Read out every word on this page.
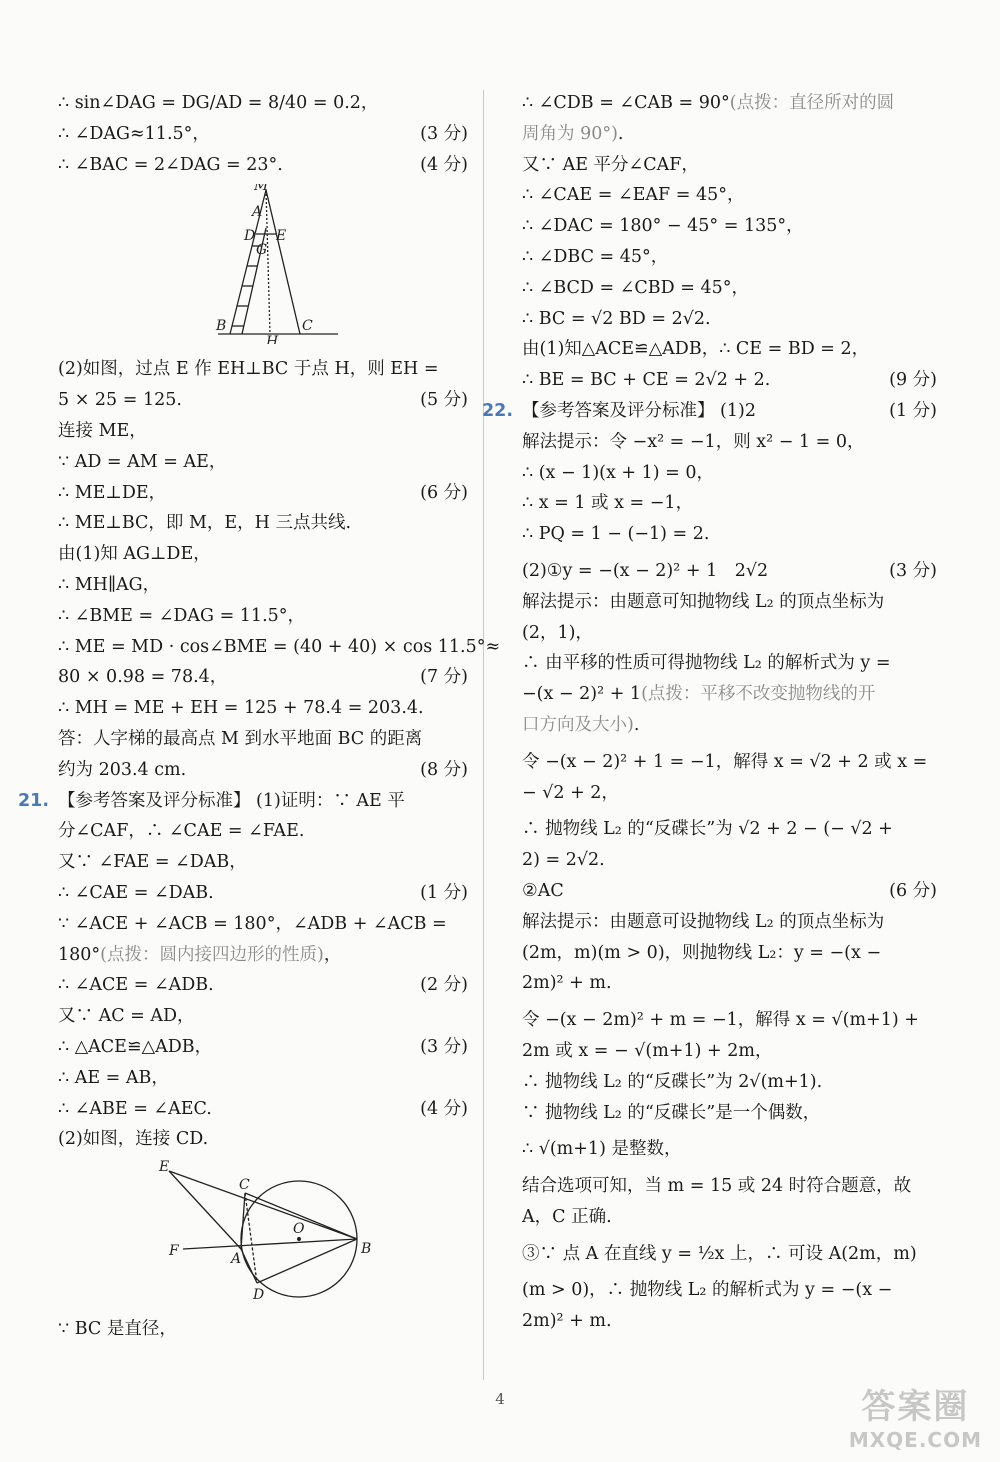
∴ sin∠DAG = DG/AD = 8/40 = 0.2，
∴ ∠DAG≈11.5°，	(3 分)
∴ ∠BAC = 2∠DAG = 23°.	(4 分)
M
A
D E
G
B	C
H
(2)如图，过点 E 作 EH⊥BC 于点 H，则 EH =
5 × 25 = 125.	(5 分)
连接 ME，
∵ AD = AM = AE，
∴ ME⊥DE，	(6 分)
∴ ME⊥BC，即 M，E，H 三点共线.
由(1)知 AG⊥DE，
∴ MH∥AG，
∴ ∠BME = ∠DAG = 11.5°，
∴ ME = MD · cos∠BME = (40 + 40) × cos 11.5°≈
80 × 0.98 = 78.4，	(7 分)
∴ MH = ME + EH = 125 + 78.4 = 203.4.
答：人字梯的最高点 M 到水平地面 BC 的距离
约为 203.4 cm.	(8 分)
21. 【参考答案及评分标准】 (1)证明：∵ AE 平
分∠CAF，∴ ∠CAE = ∠FAE.
又∵ ∠FAE = ∠DAB，
∴ ∠CAE = ∠DAB.	(1 分)
∵ ∠ACE + ∠ACB = 180°，∠ADB + ∠ACB =
180°(点拨：圆内接四边形的性质)，
∴ ∠ACE = ∠ADB.	(2 分)
又∵ AC = AD，
∴ △ACE≌△ADB，	(3 分)
∴ AE = AB，
∴ ∠ABE = ∠AEC.	(4 分)
(2)如图，连接 CD.
E
C
O
F	A
B
D
∵ BC 是直径，
∴ ∠CDB = ∠CAB = 90°(点拨：直径所对的圆
周角为 90°).
又∵ AE 平分∠CAF，
∴ ∠CAE = ∠EAF = 45°，
∴ ∠DAC = 180° − 45° = 135°，
∴ ∠DBC = 45°，
∴ ∠BCD = ∠CBD = 45°，
∴ BC = √2 BD = 2√2.
由(1)知△ACE≌△ADB，∴ CE = BD = 2，
∴ BE = BC + CE = 2√2 + 2.	(9 分)
22. 【参考答案及评分标准】 (1)2	(1 分)
解法提示：令 −x² = −1，则 x² − 1 = 0，
∴ (x − 1)(x + 1) = 0，
∴ x = 1 或 x = −1，
∴ PQ = 1 − (−1) = 2.
(2)①y = −(x − 2)² + 1　2√2	(3 分)
解法提示：由题意可知抛物线 L₂ 的顶点坐标为
(2，1)，
∴ 由平移的性质可得抛物线 L₂ 的解析式为 y =
−(x − 2)² + 1(点拨：平移不改变抛物线的开
口方向及大小).
令 −(x − 2)² + 1 = −1，解得 x = √2 + 2 或 x =
− √2 + 2，
∴ 抛物线 L₂ 的“反碟长”为 √2 + 2 − (− √2 +
2) = 2√2.
②AC	(6 分)
解法提示：由题意可设抛物线 L₂ 的顶点坐标为
(2m，m)(m > 0)，则抛物线 L₂：y = −(x −
2m)² + m.
令 −(x − 2m)² + m = −1，解得 x = √(m+1) +
2m 或 x = − √(m+1) + 2m，
∴ 抛物线 L₂ 的“反碟长”为 2√(m+1).
∵ 抛物线 L₂ 的“反碟长”是一个偶数，
∴ √(m+1) 是整数，
结合选项可知，当 m = 15 或 24 时符合题意，故
A，C 正确.
③∵ 点 A 在直线 y = ½x 上，∴ 可设 A(2m，m)
(m > 0)，∴ 抛物线 L₂ 的解析式为 y = −(x −
2m)² + m.
4	答案圈
MXQE.COM
